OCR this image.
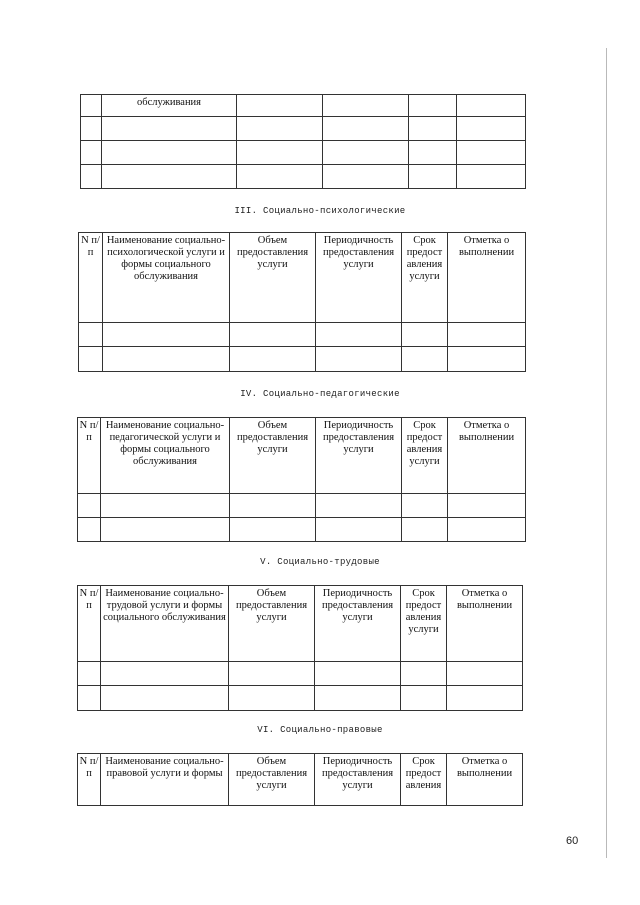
	обслуживания				

III. Социально-психологические
N п/п	Наименование социально-психологической услуги и формы социального обслуживания	Объем предоставления услуги	Периодичность предоставления услуги	Срок предост авления услуги	Отметка о выполнении

IV. Социально-педагогические
N п/п	Наименование социально-педагогической услуги и формы социального обслуживания	Объем предоставления услуги	Периодичность предоставления услуги	Срок предост авления услуги	Отметка о выполнении

V. Социально-трудовые
N п/п	Наименование социально-трудовой услуги и формы социального обслуживания	Объем предоставления услуги	Периодичность предоставления услуги	Срок предост авления услуги	Отметка о выполнении

VI. Социально-правовые
N п/п	Наименование социально-правовой услуги и формы	Объем предоставления услуги	Периодичность предоставления услуги	Срок предост авления	Отметка о выполнении
60
